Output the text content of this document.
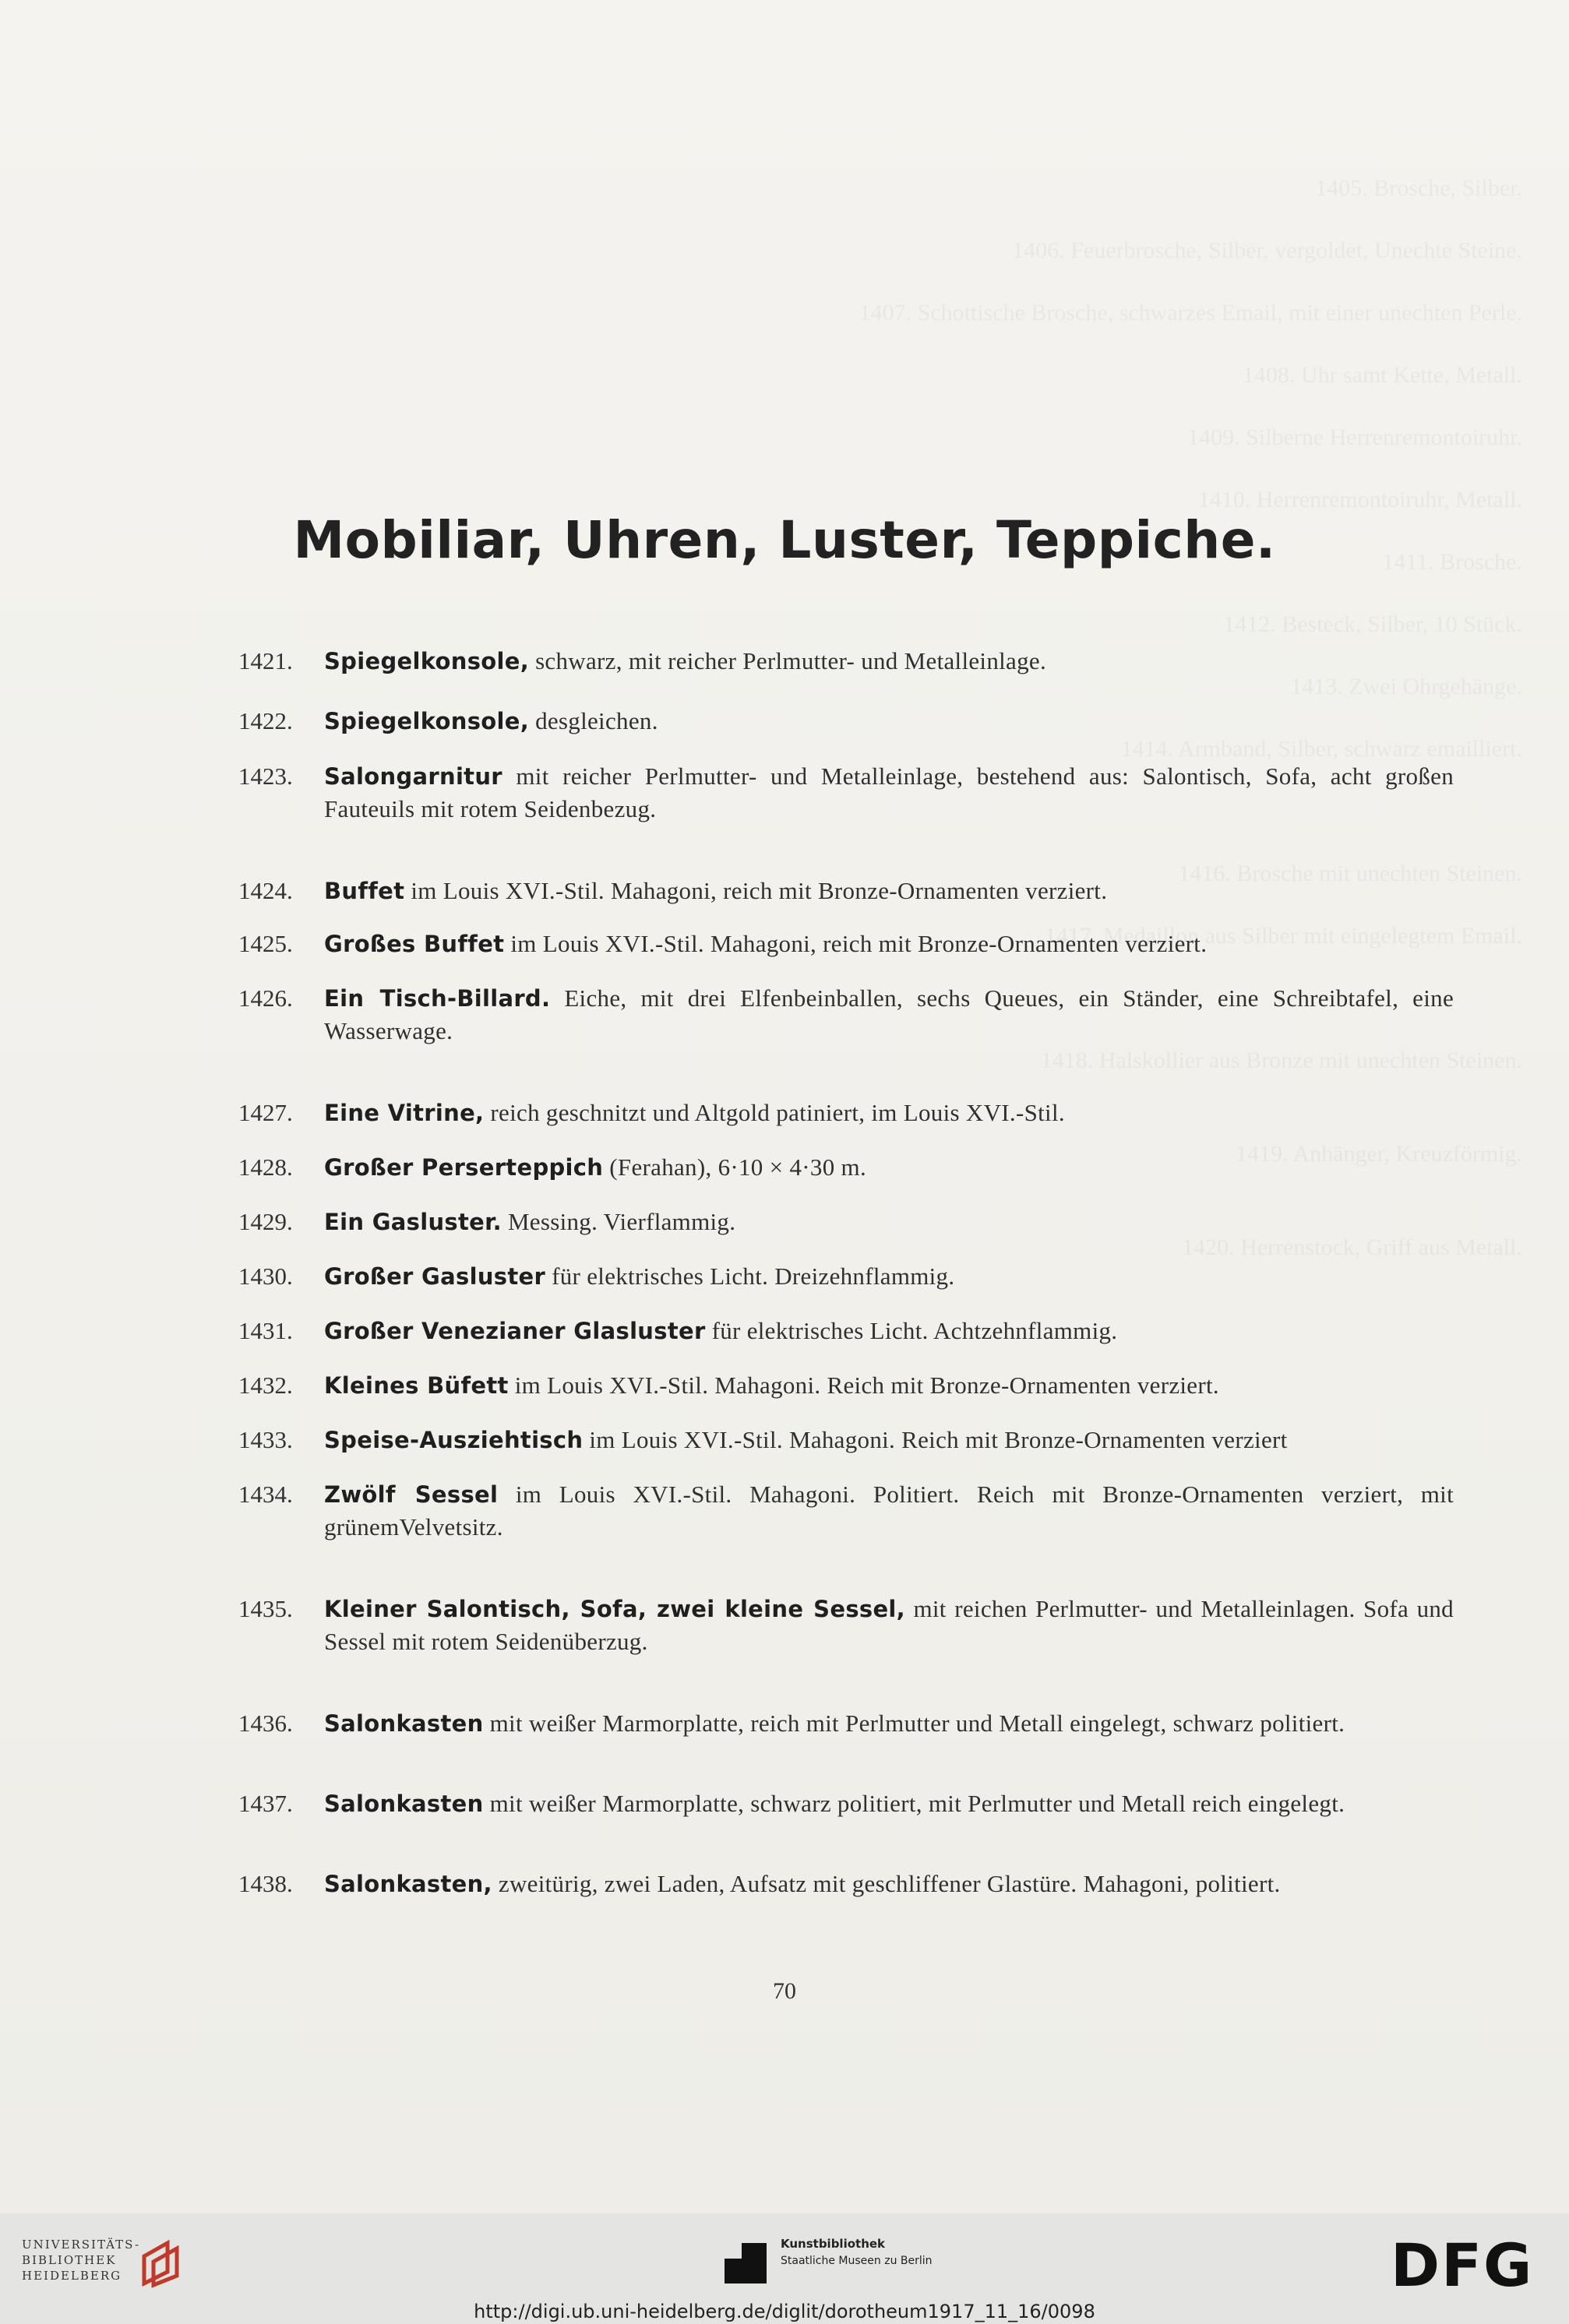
1405. Brosche, Silber.
1406. Feuerbrosche, Silber, vergoldet, Unechte Steine.
1407. Schottische Brosche, schwarzes Email, mit einer unechten Perle.
1408. Uhr samt Kette, Metall.
1409. Silberne Herrenremontoiruhr.
1410. Herrenremontoiruhr, Metall.
1411. Brosche.
1412. Besteck, Silber, 10 Stück.
1413. Zwei Ohrgehänge.
1414. Armband, Silber, schwarz emailliert.
1416. Brosche mit unechten Steinen.
1417. Medaillon aus Silber mit eingelegtem Email.
1418. Halskollier aus Bronze mit unechten Steinen.
1419. Anhänger, Kreuzförmig.
1420. Herrenstock, Griff aus Metall.
Mobiliar, Uhren, Luster, Teppiche.
1421.	Spiegelkonsole, schwarz, mit reicher Perlmutter- und Metalleinlage.
1422.	Spiegelkonsole, desgleichen.
1423.	Salongarnitur mit reicher Perlmutter- und Metalleinlage, bestehend aus: Salontisch, Sofa, acht großen Fauteuils mit rotem Seidenbezug.
1424.	Buffet im Louis XVI.-Stil. Mahagoni, reich mit Bronze-Ornamenten verziert.
1425.	Großes Buffet im Louis XVI.-Stil. Mahagoni, reich mit Bronze-Ornamenten verziert.
1426.	Ein Tisch-Billard. Eiche, mit drei Elfenbeinballen, sechs Queues, ein Ständer, eine Schreibtafel, eine Wasserwage.
1427.	Eine Vitrine, reich geschnitzt und Altgold patiniert, im Louis XVI.-Stil.
1428.	Großer Perserteppich (Ferahan), 6·10 × 4·30 m.
1429.	Ein Gasluster. Messing. Vierflammig.
1430.	Großer Gasluster für elektrisches Licht. Dreizehnflammig.
1431.	Großer Venezianer Glasluster für elektrisches Licht. Achtzehnflammig.
1432.	Kleines Büfett im Louis XVI.-Stil. Mahagoni. Reich mit Bronze-Ornamenten verziert.
1433.	Speise-Ausziehtisch im Louis XVI.-Stil. Mahagoni. Reich mit Bronze-Ornamenten verziert
1434.	Zwölf Sessel im Louis XVI.-Stil. Mahagoni. Politiert. Reich mit Bronze-Ornamenten verziert, mit grünemVelvetsitz.
1435.	Kleiner Salontisch, Sofa, zwei kleine Sessel, mit reichen Perlmutter- und Metalleinlagen. Sofa und Sessel mit rotem Seidenüberzug.
1436.	Salonkasten mit weißer Marmorplatte, reich mit Perlmutter und Metall eingelegt, schwarz politiert.
1437.	Salonkasten mit weißer Marmorplatte, schwarz politiert, mit Perlmutter und Metall reich eingelegt.
1438.	Salonkasten, zweitürig, zwei Laden, Aufsatz mit geschliffener Glastüre. Mahagoni, politiert.
70
UNIVERSITÄTS-
BIBLIOTHEK
HEIDELBERG
Kunstbibliothek
Staatliche Museen zu Berlin	DFG
http://digi.ub.uni-heidelberg.de/diglit/dorotheum1917_11_16/0098
